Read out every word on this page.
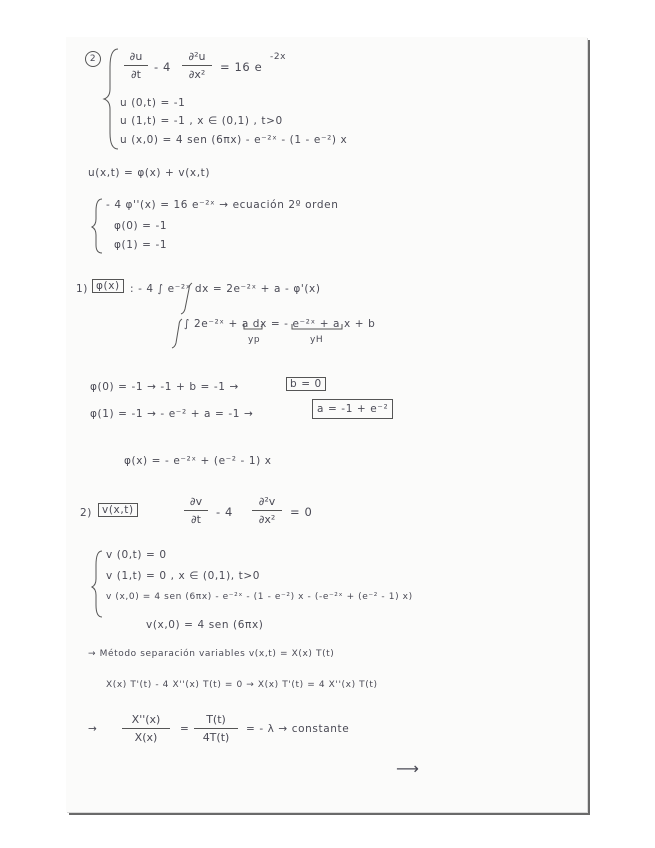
2	∂u
∂t
- 4
∂²u
∂x²
= 16 e
-2x
u (0,t) = -1
u (1,t) = -1 , x ∈ (0,1) , t>0
u (x,0) = 4 sen (6πx) - e⁻²ˣ - (1 - e⁻²) x
u(x,t) = φ(x) + v(x,t)
- 4 φ''(x) = 16 e⁻²ˣ → ecuación 2º orden
φ(0) = -1
φ(1) = -1
1) φ(x) : - 4 ∫ e⁻²ˣ dx = 2e⁻²ˣ + a - φ'(x)
∫ 2e⁻²ˣ + a dx = - e⁻²ˣ + a x + b
yp	yH
φ(0) = -1 → -1 + b = -1 →	b = 0
φ(1) = -1 → - e⁻² + a = -1 →	a = -1 + e⁻²
φ(x) = - e⁻²ˣ + (e⁻² - 1) x
2) v(x,t)
∂v
∂t
- 4
∂²v
∂x²
= 0
v (0,t) = 0
v (1,t) = 0 , x ∈ (0,1), t>0
v (x,0) = 4 sen (6πx) - e⁻²ˣ - (1 - e⁻²) x - (-e⁻²ˣ + (e⁻² - 1) x)
v(x,0) = 4 sen (6πx)
→ Método separación variables v(x,t) = X(x) T(t)
X(x) T'(t) - 4 X''(x) T(t) = 0 → X(x) T'(t) = 4 X''(x) T(t)
→
X''(x)
X(x)
=
T(t)
4T(t)
= - λ → constante
⟶
